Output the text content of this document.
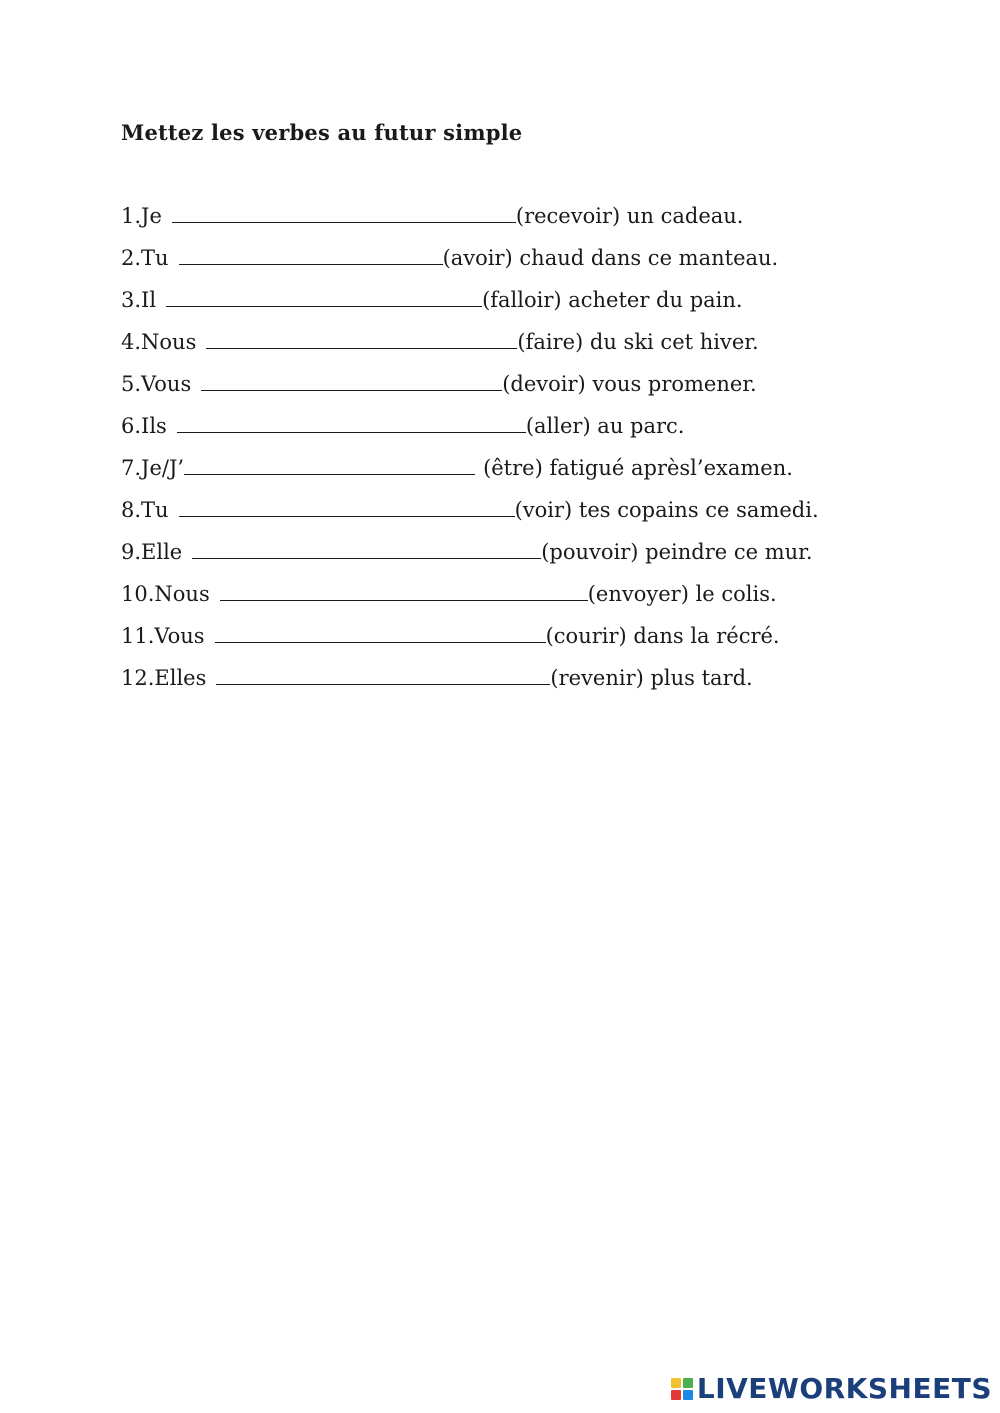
Mettez les verbes au futur simple
1.Je	(recevoir) un cadeau.
2.Tu	(avoir) chaud dans ce manteau.
3.Il	(falloir) acheter du pain.
4.Nous	(faire) du ski cet hiver.
5.Vous	(devoir) vous promener.
6.Ils	(aller) au parc.
7.Je/J’	(être) fatigué aprèsl’examen.
8.Tu	(voir) tes copains ce samedi.
9.Elle	(pouvoir) peindre ce mur.
10.Nous	(envoyer) le colis.
11.Vous	(courir) dans la récré.
12.Elles	(revenir) plus tard.
LIVEWORKSHEETS
